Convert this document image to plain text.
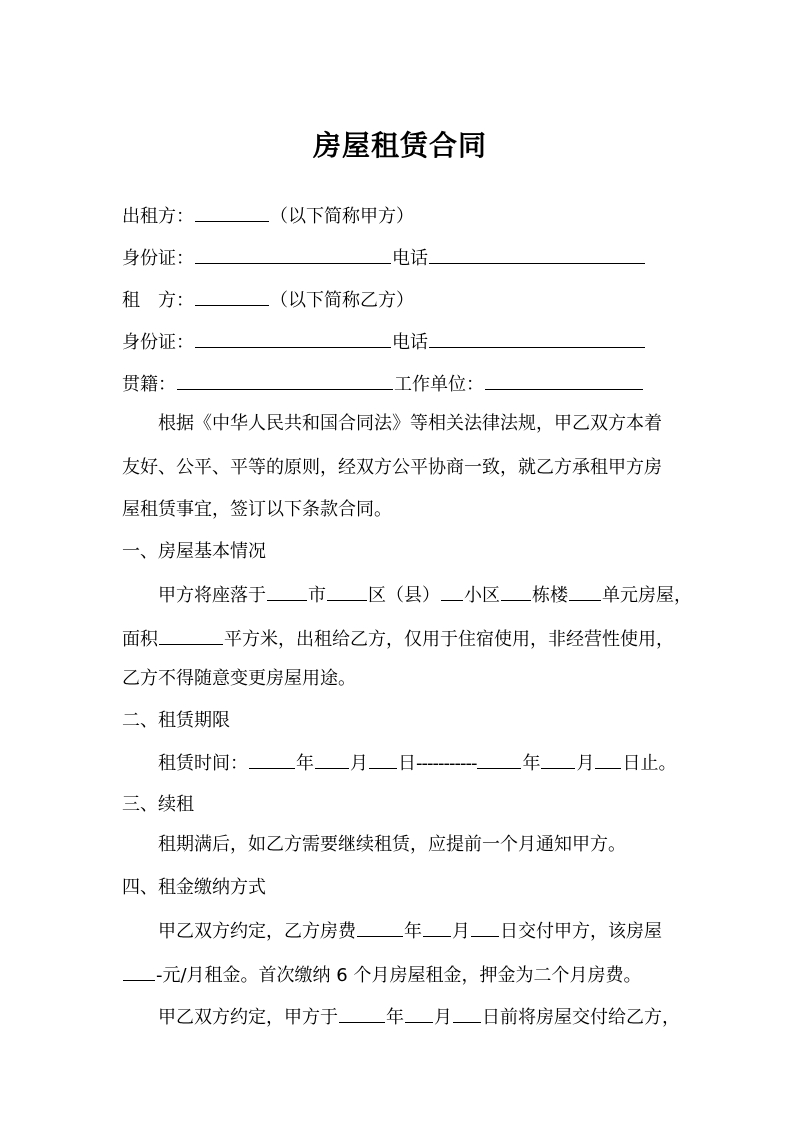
房屋租赁合同
出租方：	（以下简称甲方）
身份证：	电话
租　方：	（以下简称乙方）
身份证：	电话
贯籍：	工作单位：
根据《中华人民共和国合同法》等相关法律法规，甲乙双方本着
友好、公平、平等的原则，经双方公平协商一致，就乙方承租甲方房
屋租赁事宜，签订以下条款合同。
一、房屋基本情况
甲方将座落于 市 区（县） 小区 栋楼 单元房屋，
面积	平方米，出租给乙方，仅用于住宿使用，非经营性使用，
乙方不得随意变更房屋用途。
二、租赁期限
租赁时间：	年 月 日-----------	年 月 日止。
三、续租
租期满后，如乙方需要继续租赁，应提前一个月通知甲方。
四、租金缴纳方式
甲乙双方约定，乙方房费	年 月 日交付甲方，该房屋
-元/月租金。首次缴纳 6 个月房屋租金，押金为二个月房费。
甲乙双方约定，甲方于	年 月 日前将房屋交付给乙方，
